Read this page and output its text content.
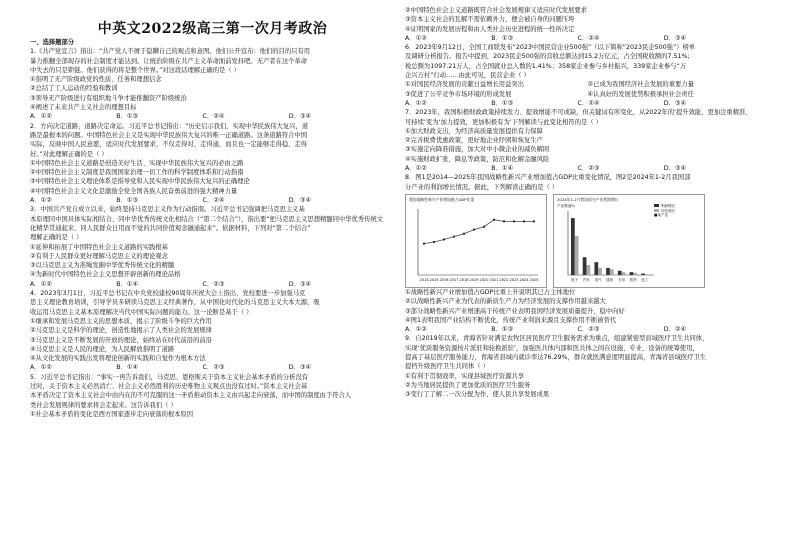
中英文2022级高三第一次月考政治

一、选择题部分

1.《共产党宣言》指出：“共产党人不屑于隐瞒自己的观点和意图。他们公开宣布：他们的目的只有用

暴力推翻全部现存的社会制度才能达到。让统治阶级在共产主义革命面前发抖吧。无产者在这个革命

中失去的只是锁链。他们获得的将是整个世界。”对这段话理解正确的是（ ）

①指明了无产阶级政党的性质、任务和理想信念

②总结了工人运动的经验和教训

③领导无产阶级进行有组织地斗争才能推翻资产阶级统治

④阐述了未来共产主义社会的理想目标

A．①②	B．①③	C．②④	D．③④

2．方向决定道路，道路决定命运。习近平总书记指出：“历史启示我们，实现中华民族伟大复兴，道

路是最根本的问题。中国特色社会主义是实现中华民族伟大复兴的唯一正确道路。这条道路符合中国

实际，反映中国人民意愿，适应时代发展要求，不仅走得对、走得通，而且也一定能够走得稳、走得

好。”对此理解正确的是（ ）

①中国特色社会主义道路是创造美好生活、实现中华民族伟大复兴的必由之路

②中国特色社会主义制度是我国国家治理一切工作的科学制度体系和行动指南

③中国特色社会主义理论体系是指导党和人民实现中华民族伟大复兴的正确理论

④中国特色社会主义文化是激励全党全国各族人民奋勇前进的强大精神力量

A．①②	B．①③	C．②④	D．③④

3．中国共产党自成立以来，始终坚持马克思主义作为行动指南。习近平总书记强调把马克思主义基

本原理同中国具体实际相结合、同中华优秀传统文化相结合（“第二个结合”），指出要“把马克思主义思想精髓同中华优秀传统文

化精华贯通起来、同人民群众日用而不觉的共同价值观念融通起来”。依据材料，下列对“第二个结合”

理解正确的是（ ）

①延伸和拓展了中国特色社会主义道路的实践根基

②有利于人民群众更好理解马克思主义的理论观念

③以马克思主义为准绳发掘中华优秀传统文化的精髓

④为新时代中国特色社会主义思想开辟创新的理论品格

A．①②	B．①④	C．②③	D．③④

4．2023年3月1日，习近平总书记在中央党校建校90周年庆祝大会上指出，党校要进一步加强马克

思主义理论教育培训，引导学员多研读马克思主义经典著作，从中国化时代化的马克思主义大本大源，吸

收运用马克思主义基本原理解决当代中国实际问题的能力。这一论断是基于（ ）

①继承和发展马克思主义的思想本质，揭示了阶级斗争的巨大作用

②马克思主义是科学的理论，创造性地揭示了人类社会的发展规律

③马克思主义是不断发展的开放的理论，始终站在时代前沿的前沿

④马克思主义是人民的理论，为人民解放指明了道路

④从文化发展的实践出发将理论创新的实践和自觉作为根本方法

A．①②	B．①④	C．②③	D．③④

5．习近平总书记指出：“事实一再告诉我们，马克思、恩格斯关于资本主义社会基本矛盾的分析没有

过时，关于资本主义必然消亡、社会主义必然胜利的历史唯物主义观点也没有过时。”资本主义社会基

本矛盾决定了资本主义社会中由内在的不可克服的这一矛盾推动资本主义由兴起走向衰落，而中国的制度由于符合人

类社会发展规律的要求将会走起来。这告诉我们（ ）

①社会基本矛盾的变化是西方国家逐步走向衰落的根本原因

②中国特色社会主义道路既符合社会发展规律又适应时代发展要求

③资本主义社会的瓦解不需依赖外力，便会被自身的问题压垮

④证明国家的发展历程和由人类社会历史进程的统一性所决定

A．①②	B．①③	C．②④	D．③④

6．2023年9月12日，全国工商联发布“2023中国民营企业500强”（以下简称“2023民企500强”）榜单

及调研分析报告。报告中提到，2023民企500强的营收总额达到15.2万亿元，占全国税收额的7.51%;

税总额为1097.21万人，占全国就业总人数的1.41%；358家企业参与乡村振兴，339家企业参与“万

企兴万村”行动……由此可见，民营企业（ ）

①对国民经济发展的贡献日益增长用益突出	②已成为我国经济社会发展的重要力量
③促进了公平竞争市场环境的形成发展	④认真好的发展优势积极承担社会责任
A．①②	B．①③	C．②④	D．③④

7．2023年，我国积极财政政策持续发力、提效增能不可或缺，但关键词有所变化，从2022年的‘提升效能，更加注重精准、

可持续’变为‘加力提效，更加积极有为’下列解读与此变化相符的是（ ）

①加大财政支出，为经济高质量发展提供有力保障

②完善税费优惠政策，更好地企业纾困和恢复生产

③实施定向降准措施，加大对中小微企业的减负解困

④实施财政扩张、降息等政策，防范和化解金融风险

A．①②	B．①④	C．②③	D．③④

8．图1是2014—2025年我国战略性新兴产业增加值占GDP比重变化情况，图2是2024年1-2月我国部

分产业的利润增长情况。据此，下列解读正确的是（ ）

我国战略性新兴产业增加值占GDP比重
2014 2015 2016 2017 2018 2019 2020 2021 2022 2023 2024 2025
2024年1-2月我国部分产业利润增长
电子 汽车 电气 通用 专用 医药 化工
产业增速%	利润增长
同比增长
■某产业

①战略性新兴产业增加值占GDP比重上升说明其已占主体地位

②以战略性新兴产业为代表的新质生产力为经济发展的支撑作用越来越大

③部分战略性新兴产业增速高于传统产业表明我国经济发展质量提升、稳中向好

④图1表明我国产业结构不断优化，传统产业利润来源且支撑作用不断被替代

A．①②	B．①③	C．②③	D．②④

9．自2019年以来，青海省针对满足农牧区居民医疗卫生服务需求为重点，组建紧密型县域医疗卫生共同体，

实现‘优质服务资源按片派驻和轮换派驻’，加强医共体内部和医共体之间在设施、专业、设备的统筹使用，

提高了基层医疗服务能力，青海省县域内就诊率达76.29%，群众就医满意度明显提高，青海省县域医疗卫生

提档升级医疗卫生共同体（ ）

①有利于贯彻效率，实现县域医疗资源共享

②为当地居民提供了更加优质的医疗卫生服务

③变行了了解二一次分配为作，使人民共享发展成果
